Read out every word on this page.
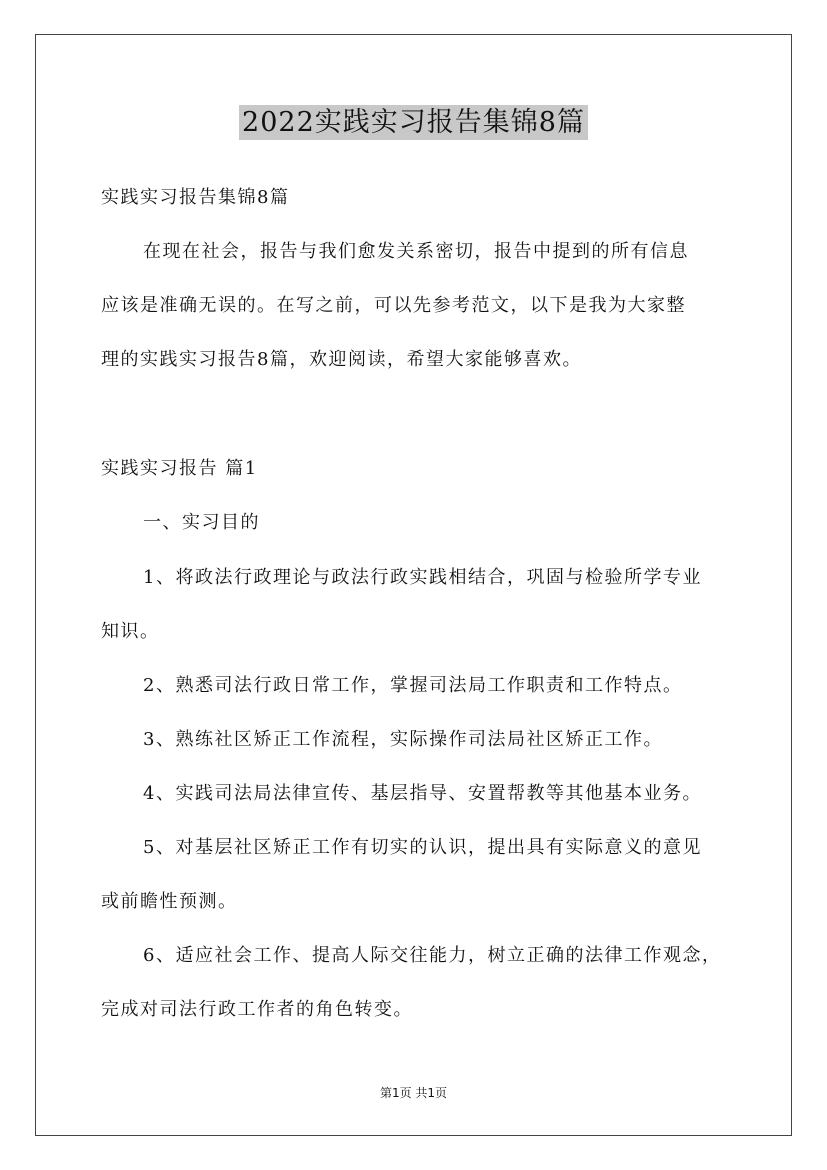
2022实践实习报告集锦8篇
实践实习报告集锦8篇
在现在社会，报告与我们愈发关系密切，报告中提到的所有信息
应该是准确无误的。在写之前，可以先参考范文，以下是我为大家整
理的实践实习报告8篇，欢迎阅读，希望大家能够喜欢。
实践实习报告 篇1
一、实习目的
1、将政法行政理论与政法行政实践相结合，巩固与检验所学专业
知识。
2、熟悉司法行政日常工作，掌握司法局工作职责和工作特点。
3、熟练社区矫正工作流程，实际操作司法局社区矫正工作。
4、实践司法局法律宣传、基层指导、安置帮教等其他基本业务。
5、对基层社区矫正工作有切实的认识，提出具有实际意义的意见
或前瞻性预测。
6、适应社会工作、提高人际交往能力，树立正确的法律工作观念，
完成对司法行政工作者的角色转变。
第1页 共1页
